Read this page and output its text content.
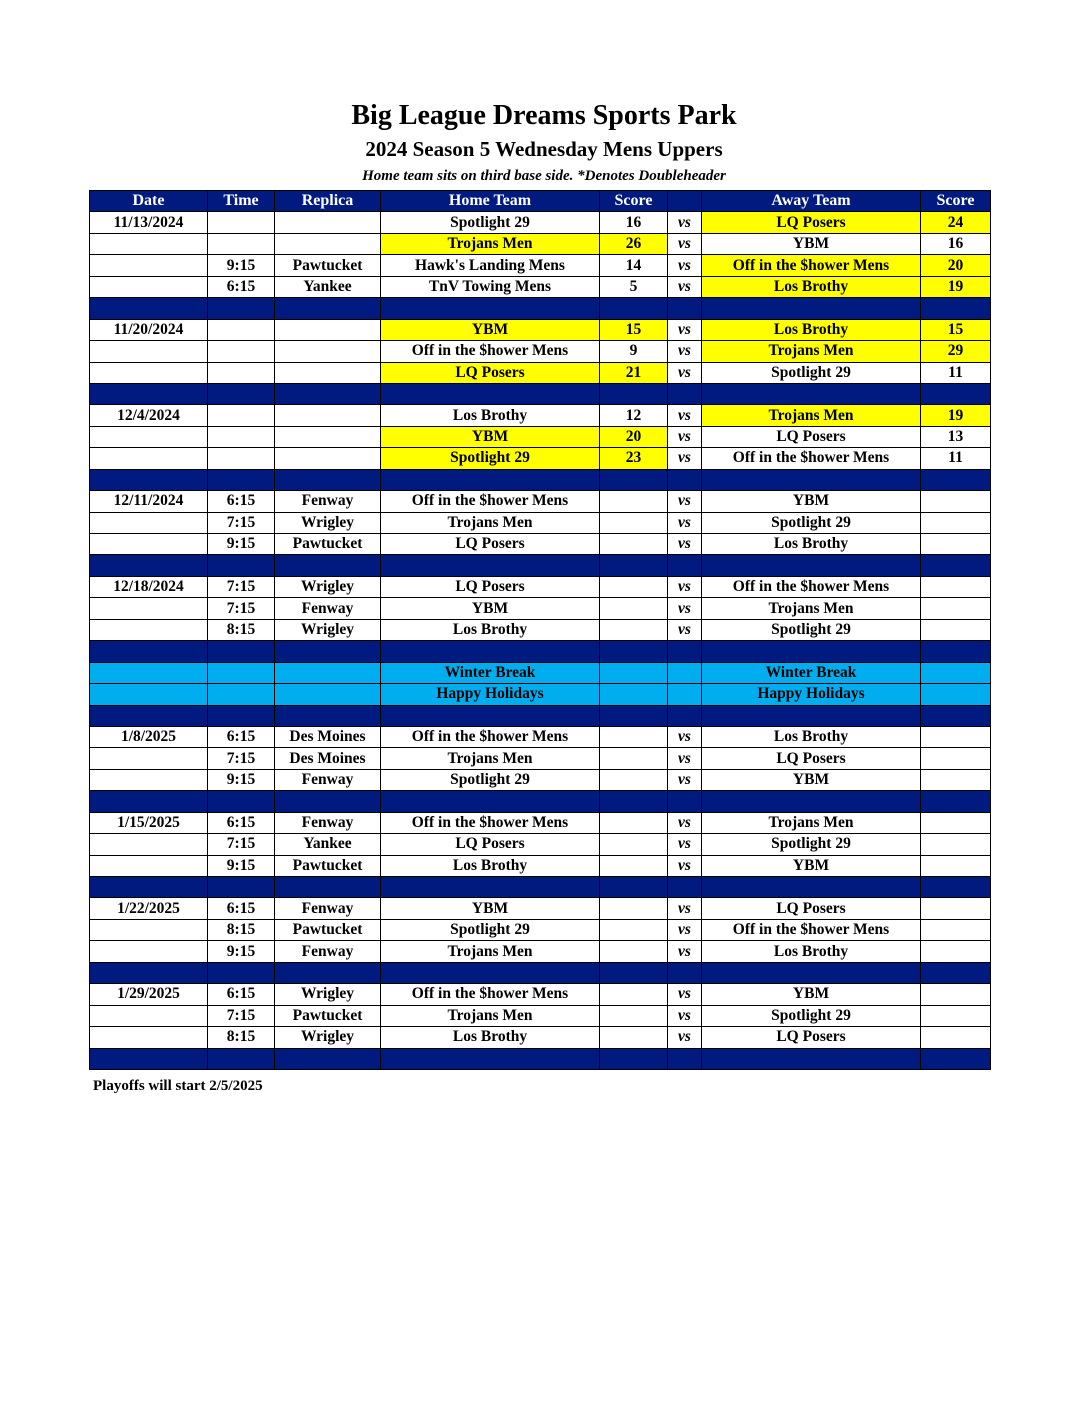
Big League Dreams Sports Park
2024 Season 5 Wednesday Mens Uppers
Home team sits on third base side. *Denotes Doubleheader
Date	Time	Replica	Home Team	Score		Away Team	Score
11/13/2024			Spotlight 29	16	vs	LQ Posers	24
			Trojans Men	26	vs	YBM	16
	9:15	Pawtucket	Hawk's Landing Mens	14	vs	Off in the $hower Mens	20
	6:15	Yankee	TnV Towing Mens	5	vs	Los Brothy	19

11/20/2024			YBM	15	vs	Los Brothy	15
			Off in the $hower Mens	9	vs	Trojans Men	29
			LQ Posers	21	vs	Spotlight 29	11

12/4/2024			Los Brothy	12	vs	Trojans Men	19
			YBM	20	vs	LQ Posers	13
			Spotlight 29	23	vs	Off in the $hower Mens	11

12/11/2024	6:15	Fenway	Off in the $hower Mens		vs	YBM	
	7:15	Wrigley	Trojans Men		vs	Spotlight 29	
	9:15	Pawtucket	LQ Posers		vs	Los Brothy	

12/18/2024	7:15	Wrigley	LQ Posers		vs	Off in the $hower Mens	
	7:15	Fenway	YBM		vs	Trojans Men	
	8:15	Wrigley	Los Brothy		vs	Spotlight 29	

			Winter Break			Winter Break	
			Happy Holidays			Happy Holidays	

1/8/2025	6:15	Des Moines	Off in the $hower Mens		vs	Los Brothy	
	7:15	Des Moines	Trojans Men		vs	LQ Posers	
	9:15	Fenway	Spotlight 29		vs	YBM	

1/15/2025	6:15	Fenway	Off in the $hower Mens		vs	Trojans Men	
	7:15	Yankee	LQ Posers		vs	Spotlight 29	
	9:15	Pawtucket	Los Brothy		vs	YBM	

1/22/2025	6:15	Fenway	YBM		vs	LQ Posers	
	8:15	Pawtucket	Spotlight 29		vs	Off in the $hower Mens	
	9:15	Fenway	Trojans Men		vs	Los Brothy	

1/29/2025	6:15	Wrigley	Off in the $hower Mens		vs	YBM	
	7:15	Pawtucket	Trojans Men		vs	Spotlight 29	
	8:15	Wrigley	Los Brothy		vs	LQ Posers	

Playoffs will start 2/5/2025
